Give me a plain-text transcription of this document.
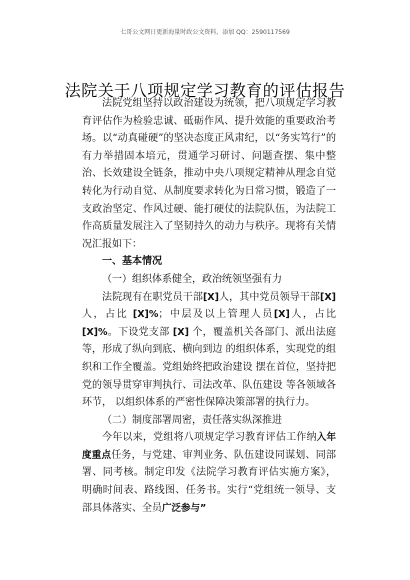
七哥公文网日更新海量时政公文资料，添加 QQ：2590117569
法院关于八项规定学习教育的评估报告

法院党组坚持以政治建设为统领，把八项规定学习教育评估作为检验忠诚、砥砺作风、提升效能的重要政治考场。以“动真碰硬”的坚决态度正风肃纪，以“务实笃行”的有力举措固本培元，贯通学习研讨、问题查摆、集中整治、长效建设全链条，推动中央八项规定精神从理念自觉转化为行动自觉、从制度要求转化为日常习惯，锻造了一支政治坚定、作风过硬、能打硬仗的法院队伍，为法院工作高质量发展注入了坚韧持久的动力与秩序。现将有关情况汇报如下：

一、基本情况

（一）组织体系健全，政治统领坚强有力

法院现有在职党员干部[X]人，其中党员领导干部[X]人，占比 [X]%；中层及以上管理人员[X]人，占比 [X]%。下设党支部 [X] 个，覆盖机关各部门、派出法庭等，形成了纵向到底、横向到边 的组织体系，实现党的组织和工作全覆盖。党组始终把政治建设 摆在首位，坚持把党的领导贯穿审判执行、司法改革、队伍建设 等各领域各环节， 以组织体系的严密性保障决策部署的执行力。

（二）制度部署周密，责任落实纵深推进

今年以来，党组将八项规定学习教育评估工作纳入年度重点任务，与党建、审判业务、队伍建设同谋划、同部署、同考核。制定印发《法院学习教育评估实施方案》，明确时间表、路线图、任务书。实行“党组统一领导、支部具体落实、全员广泛参与”
